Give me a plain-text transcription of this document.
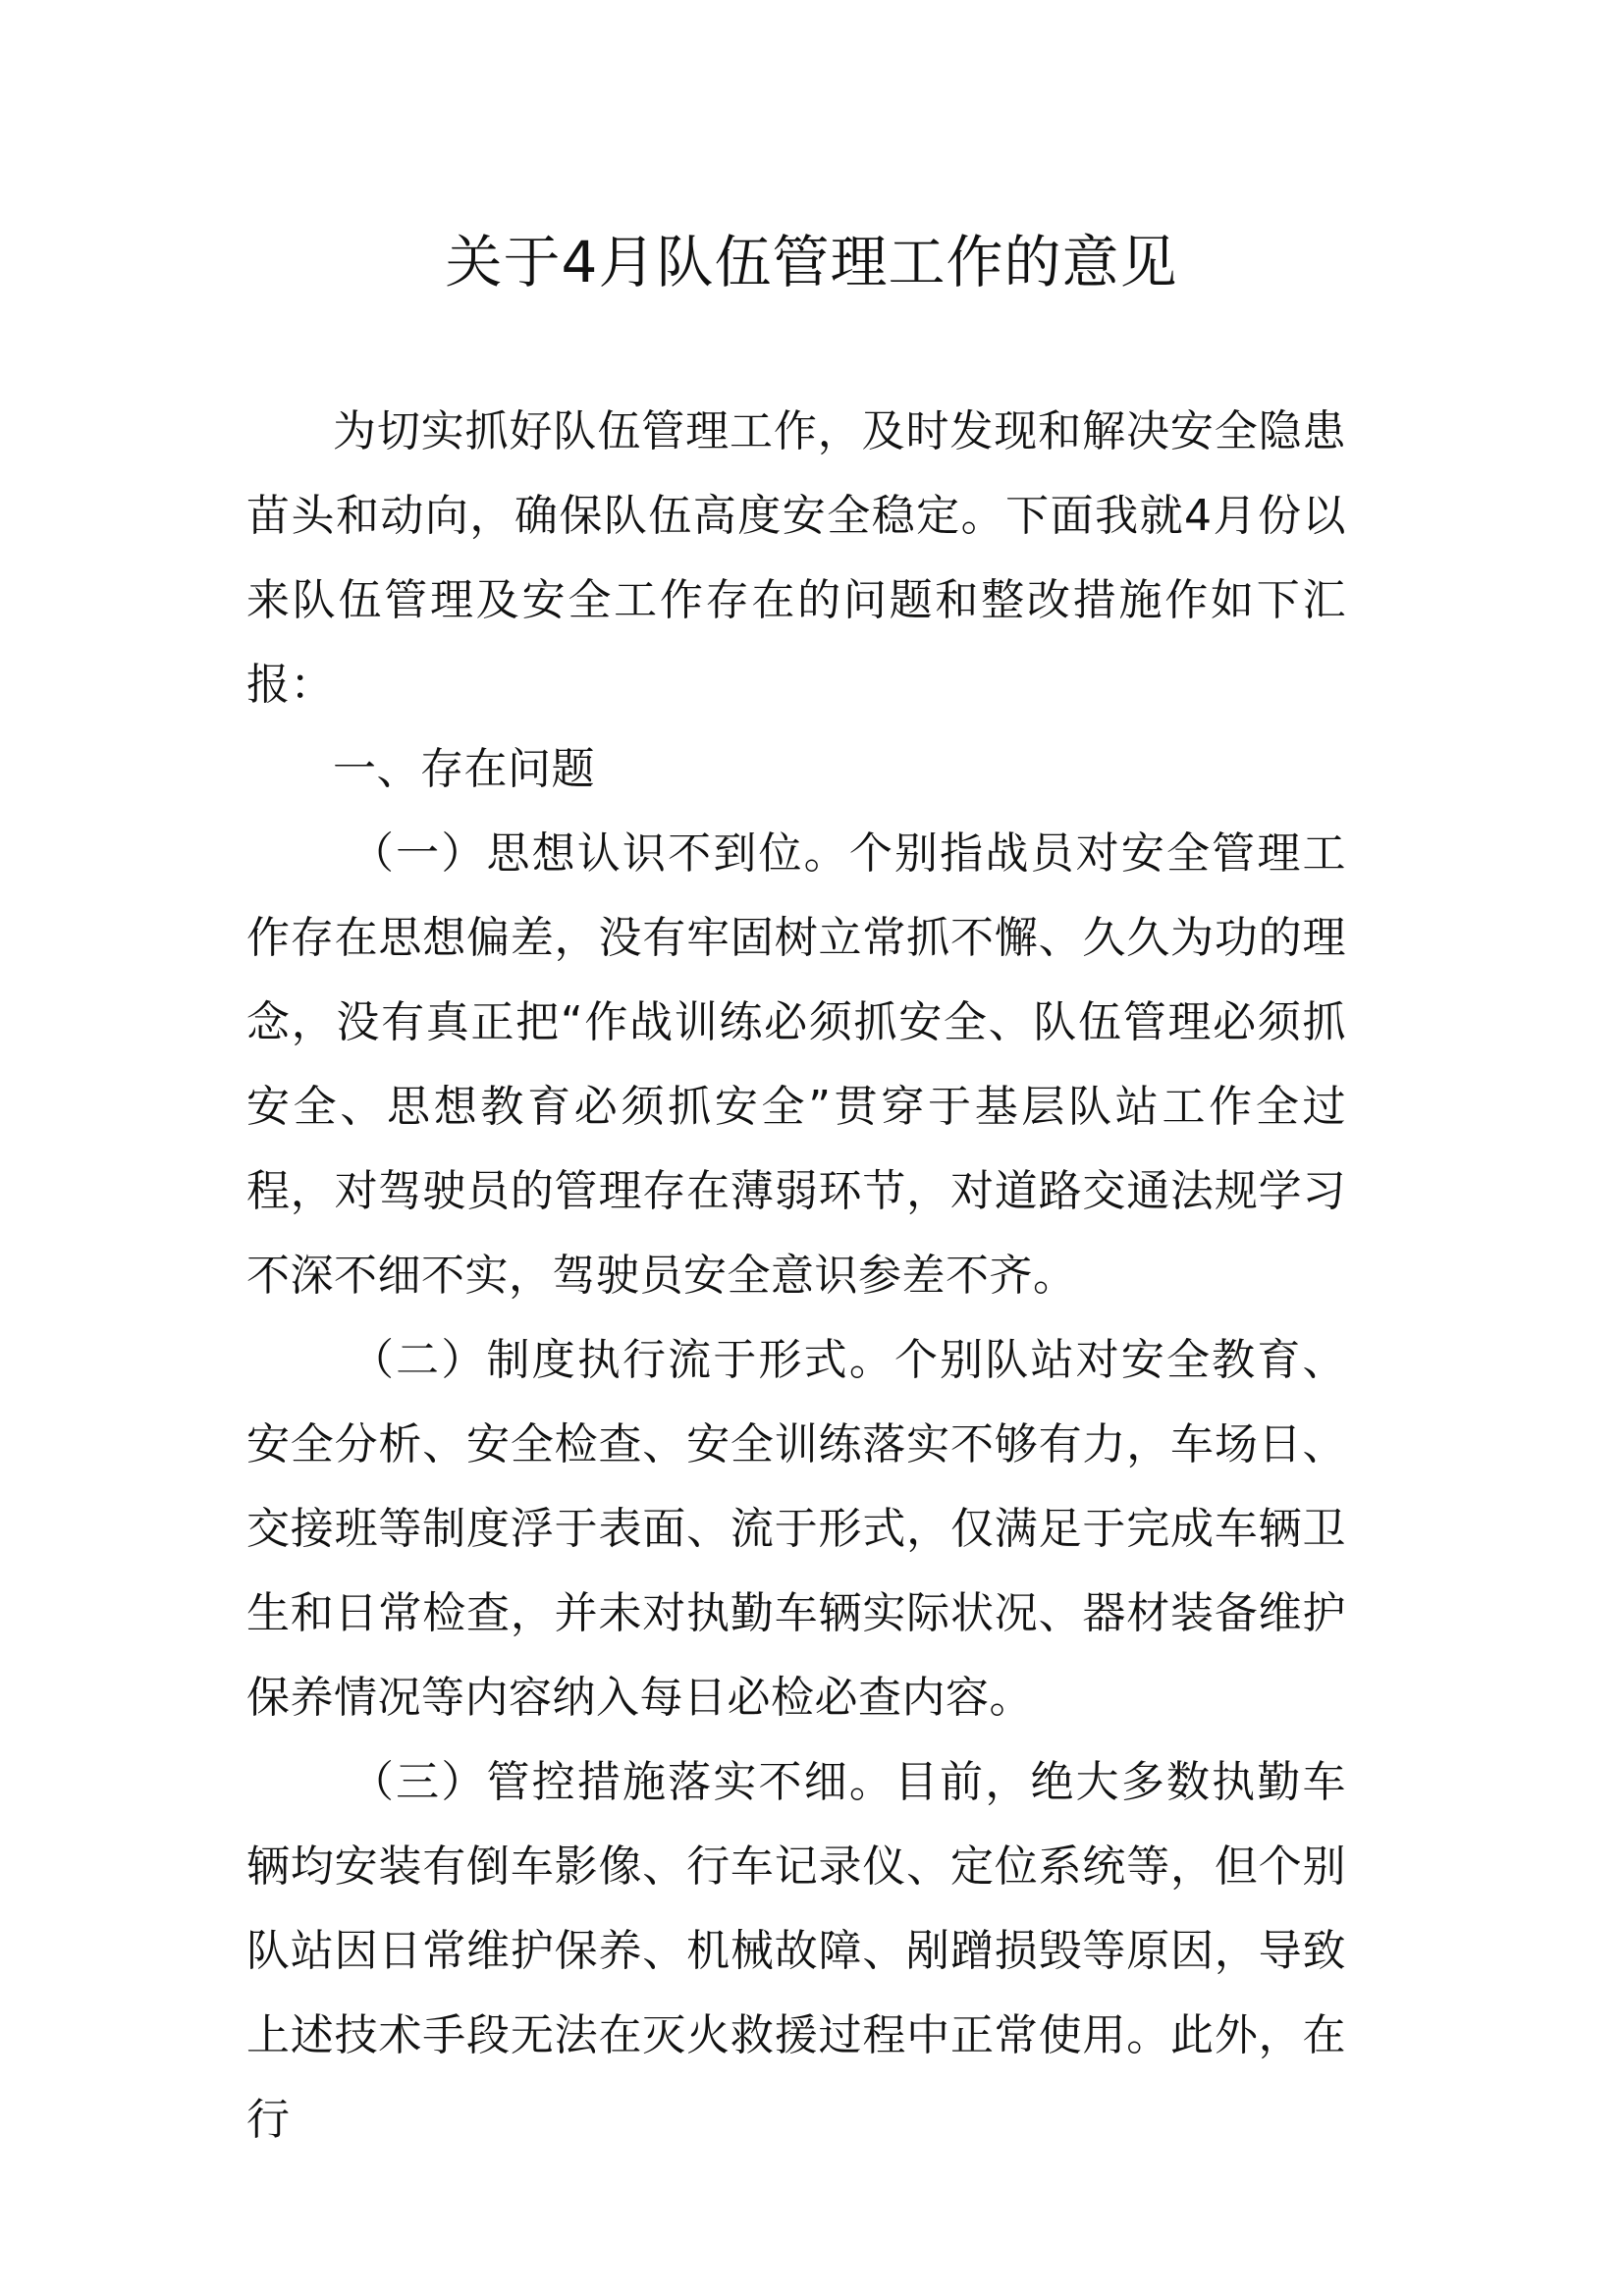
关于4月队伍管理工作的意见

为切实抓好队伍管理工作，及时发现和解决安全隐患苗头和动向，确保队伍高度安全稳定。下面我就4月份以来队伍管理及安全工作存在的问题和整改措施作如下汇报：

一、存在问题

（一）思想认识不到位。个别指战员对安全管理工作存在思想偏差，没有牢固树立常抓不懈、久久为功的理念，没有真正把“作战训练必须抓安全、队伍管理必须抓安全、思想教育必须抓安全”贯穿于基层队站工作全过程，对驾驶员的管理存在薄弱环节，对道路交通法规学习不深不细不实，驾驶员安全意识参差不齐。

（二）制度执行流于形式。个别队站对安全教育、安全分析、安全检查、安全训练落实不够有力，车场日、交接班等制度浮于表面、流于形式，仅满足于完成车辆卫生和日常检查，并未对执勤车辆实际状况、器材装备维护保养情况等内容纳入每日必检必查内容。

（三）管控措施落实不细。目前，绝大多数执勤车辆均安装有倒车影像、行车记录仪、定位系统等，但个别队站因日常维护保养、机械故障、剐蹭损毁等原因，导致上述技术手段无法在灭火救援过程中正常使用。此外，在行
